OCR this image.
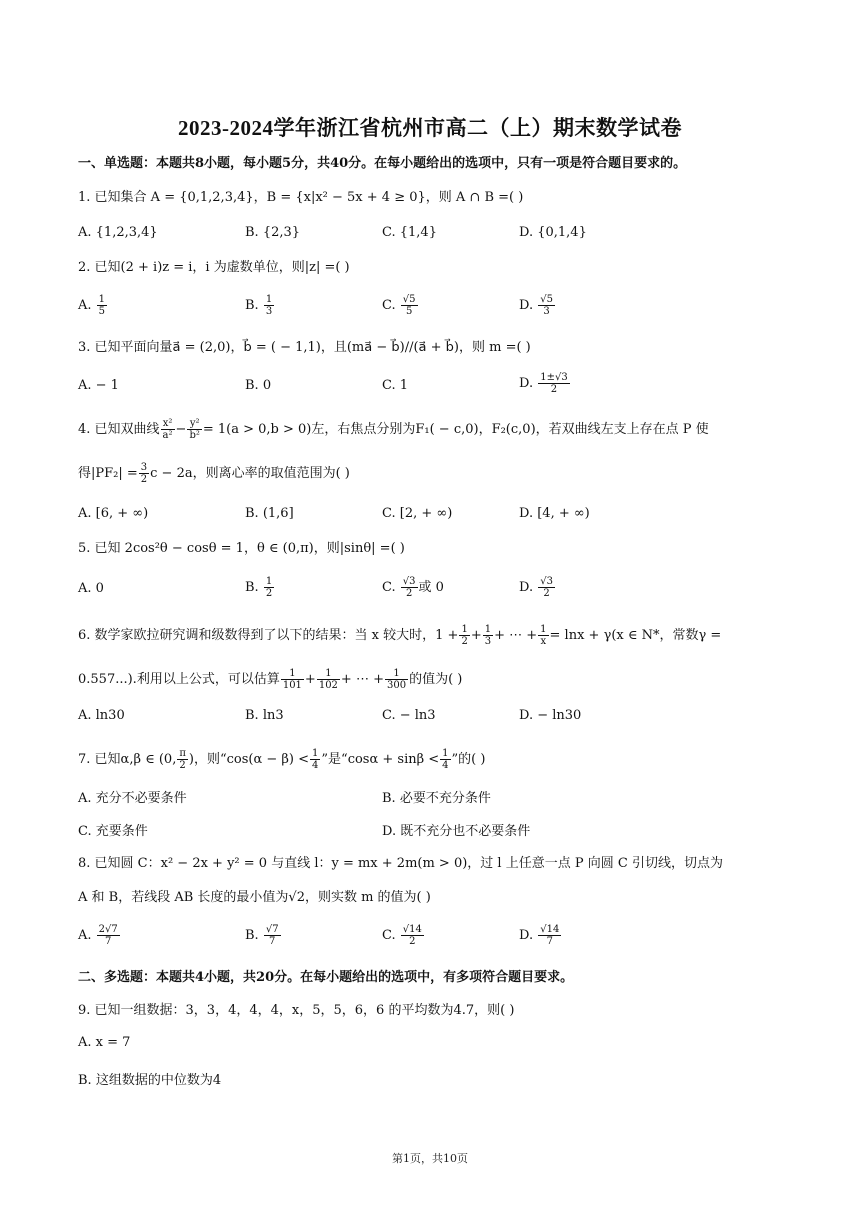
2023-2024学年浙江省杭州市高二（上）期末数学试卷
一、单选题：本题共8小题，每小题5分，共40分。在每小题给出的选项中，只有一项是符合题目要求的。
1. 已知集合 A = {0,1,2,3,4}，B = {x|x² − 5x + 4 ≥ 0}，则 A ∩ B =( )
A. {1,2,3,4}	B. {2,3}	C. {1,4}	D. {0,1,4}
2. 已知(2 + i)z = i，i 为虚数单位，则|z| =( )
A. $\frac{1}{5}$	B. $\frac{1}{3}$	C. $\frac{√5}{5}$	D. $\frac{√5}{3}$
3. 已知平面向量a⃗ = (2,0)，b⃗ = ( − 1,1)，且(ma⃗ − b⃗)//(a⃗ + b⃗)，则 m =( )
A. − 1	B. 0	C. 1	D. $\frac{1\pm√3}{2}$
4. 已知双曲线 $\frac{\text{x²}}{\text{a²}} - \frac{\text{y²}}{\text{b²}} = 1(a > 0,b > 0)$左，右焦点分别为F₁( − c,0)，F₂(c,0)，若双曲线左支上存在点 P 使
得$|PF_2| = \frac{3}{2}$ c − 2a，则离心率的取值范围为( )
A. [6, + ∞)	B. (1,6]	C. [2, + ∞)	D. [4, + ∞)
5. 已知 2cos²θ − cosθ = 1，θ ∈ (0,π)，则|sinθ| =( )
A. 0	B. $\frac{1}{2}$	C. $\frac{√3}{2}$ 或 0	D. $\frac{√3}{2}$
6. 数学家欧拉研究调和级数得到了以下的结果：当 x 较大时，$1 + \frac{1}{2} + \frac{1}{3}$ + ⋯ + $\frac{1}{x} = \ln x + \gamma(x$ ∈ N*，常数γ =
0.557...).利用以上公式，可以估算 $\frac{1}{101} + \frac{1}{102}$ + ⋯ + $\frac{1}{300}$ 的值为( )
A. ln30	B. ln3	C. − ln3	D. − ln30
7. 已知α,β ∈ (0, $\frac{\pi}{2}$ )，则“$\cos(\alpha - \beta) < \frac{1}{4}$ ”是“$\cos\alpha + \sin\beta < \frac{1}{4}$ ”的( )
A. 充分不必要条件	B. 必要不充分条件
C. 充要条件	D. 既不充分也不必要条件
8. 已知圆 C：x² − 2x + y² = 0 与直线 l：y = mx + 2m(m > 0)，过 l 上任意一点 P 向圆 C 引切线，切点为
A 和 B，若线段 AB 长度的最小值为√2，则实数 m 的值为( )
A. $\frac{2√7}{7}$	B. $\frac{√7}{7}$	C. $\frac{√14}{2}$	D. $\frac{√14}{7}$
二、多选题：本题共4小题，共20分。在每小题给出的选项中，有多项符合题目要求。
9. 已知一组数据：3，3，4，4，4，x，5，5，6，6 的平均数为4.7，则( )
A. x = 7
B. 这组数据的中位数为4
第1页，共10页
